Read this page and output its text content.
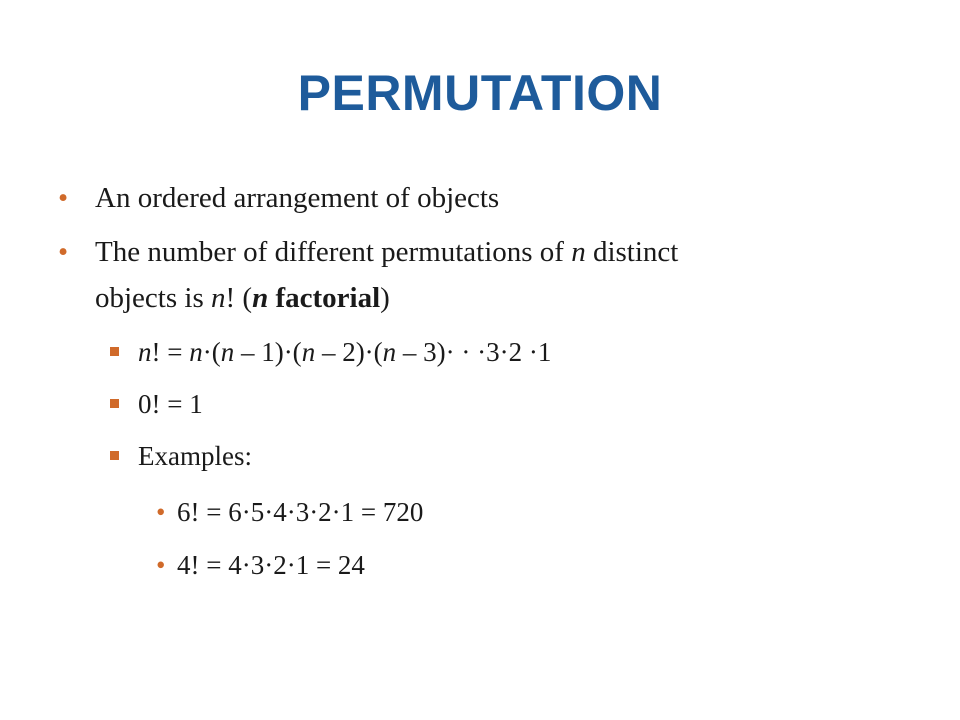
PERMUTATION
• An ordered arrangement of objects
• The number of different permutations of n distinct
objects is n! (n factorial)
n! = n·(n – 1)·(n – 2)·(n – 3)· · ·3·2 ·1
0! = 1
Examples:
• 6! = 6·5·4·3·2·1 = 720
• 4! = 4·3·2·1 = 24
